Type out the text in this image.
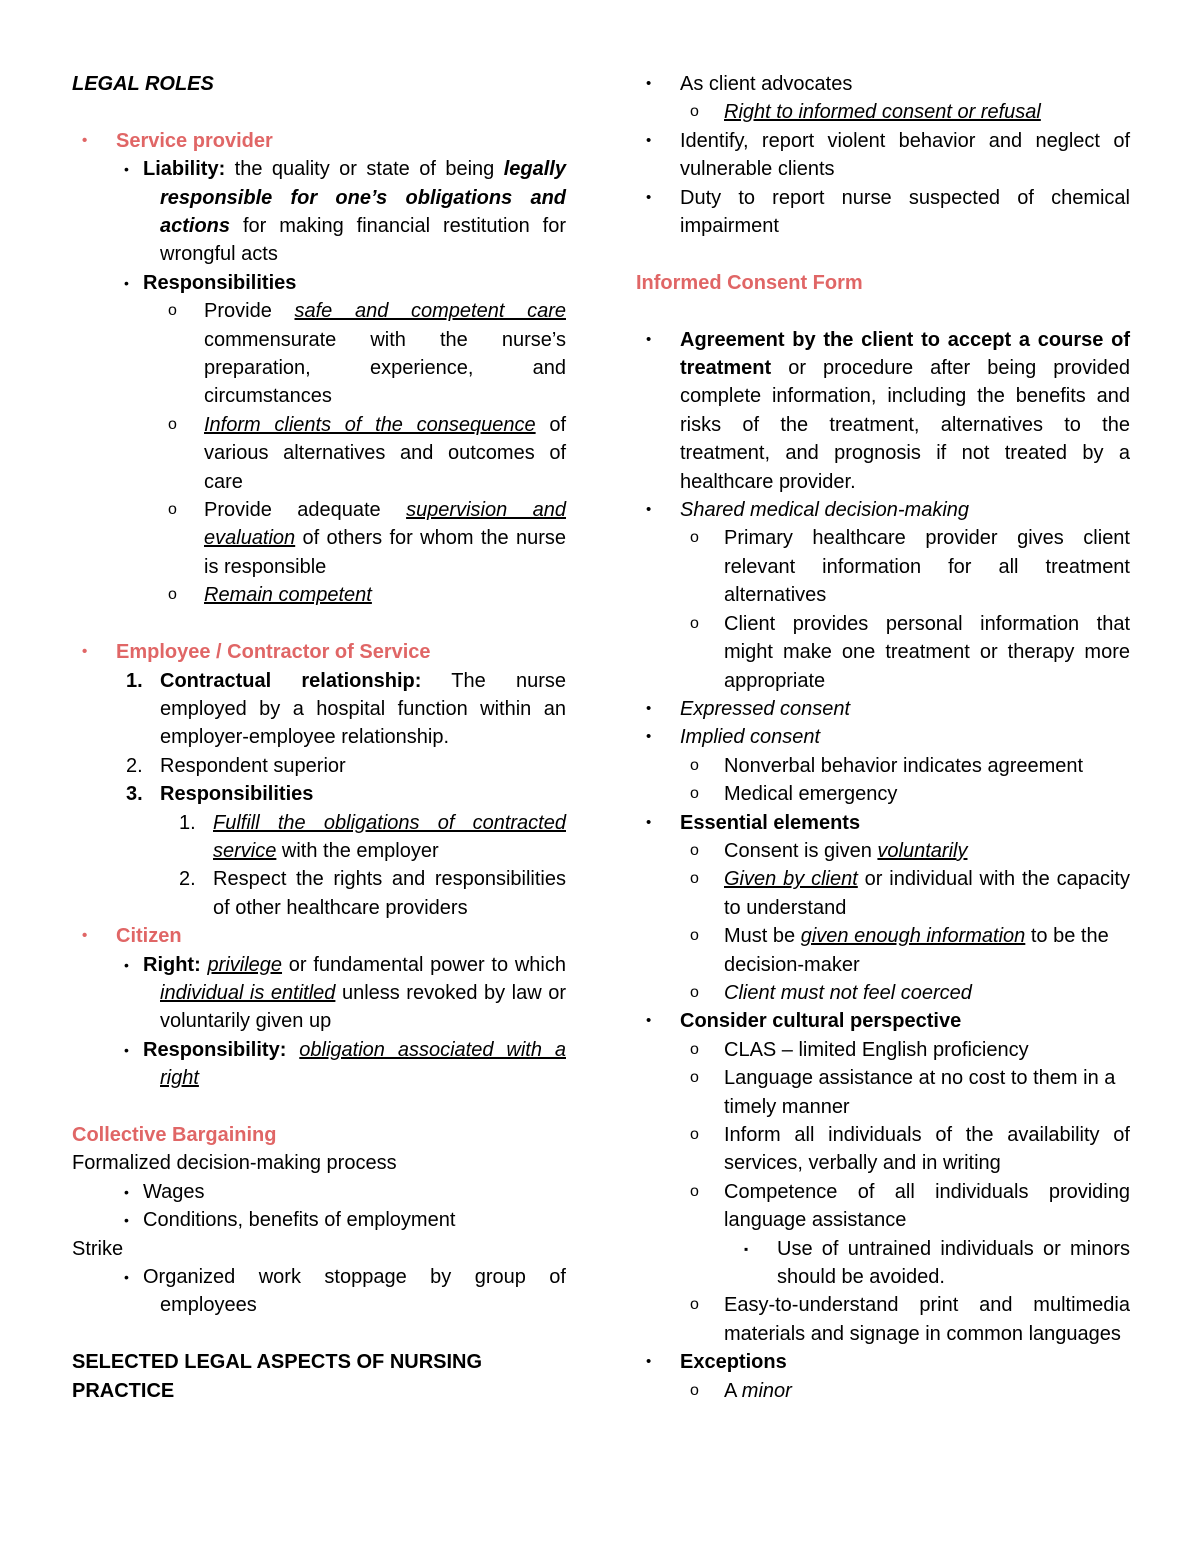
LEGAL ROLES
• Service provider
• Liability: the quality or state of being legally responsible for one’s obligations and actions for making financial restitution for wrongful acts
• Responsibilities
o Provide safe and competent care commensurate with the nurse’s preparation, experience, and circumstances
o Inform clients of the consequence of various alternatives and outcomes of care
o Provide adequate supervision and evaluation of others for whom the nurse is responsible
o Remain competent
• Employee / Contractor of Service
1. Contractual relationship: The nurse employed by a hospital function within an employer-employee relationship.
2. Respondent superior
3. Responsibilities
1. Fulfill the obligations of contracted service with the employer
2. Respect the rights and responsibilities of other healthcare providers
• Citizen
• Right: privilege or fundamental power to which individual is entitled unless revoked by law or voluntarily given up
• Responsibility: obligation associated with a right
Collective Bargaining
Formalized decision-making process
• Wages
• Conditions, benefits of employment
Strike
• Organized work stoppage by group of employees
SELECTED LEGAL ASPECTS OF NURSING PRACTICE
• As client advocates
o Right to informed consent or refusal
• Identify, report violent behavior and neglect of vulnerable clients
• Duty to report nurse suspected of chemical impairment
Informed Consent Form
• Agreement by the client to accept a course of treatment or procedure after being provided complete information, including the benefits and risks of the treatment, alternatives to the treatment, and prognosis if not treated by a healthcare provider.
• Shared medical decision-making
o Primary healthcare provider gives client relevant information for all treatment alternatives
o Client provides personal information that might make one treatment or therapy more appropriate
• Expressed consent
• Implied consent
o Nonverbal behavior indicates agreement
o Medical emergency
• Essential elements
o Consent is given voluntarily
o Given by client or individual with the capacity to understand
o Must be given enough information to be the decision-maker
o Client must not feel coerced
• Consider cultural perspective
o CLAS – limited English proficiency
o Language assistance at no cost to them in a timely manner
o Inform all individuals of the availability of services, verbally and in writing
o Competence of all individuals providing language assistance
▪ Use of untrained individuals or minors should be avoided.
o Easy-to-understand print and multimedia materials and signage in common languages
• Exceptions
o A minor
